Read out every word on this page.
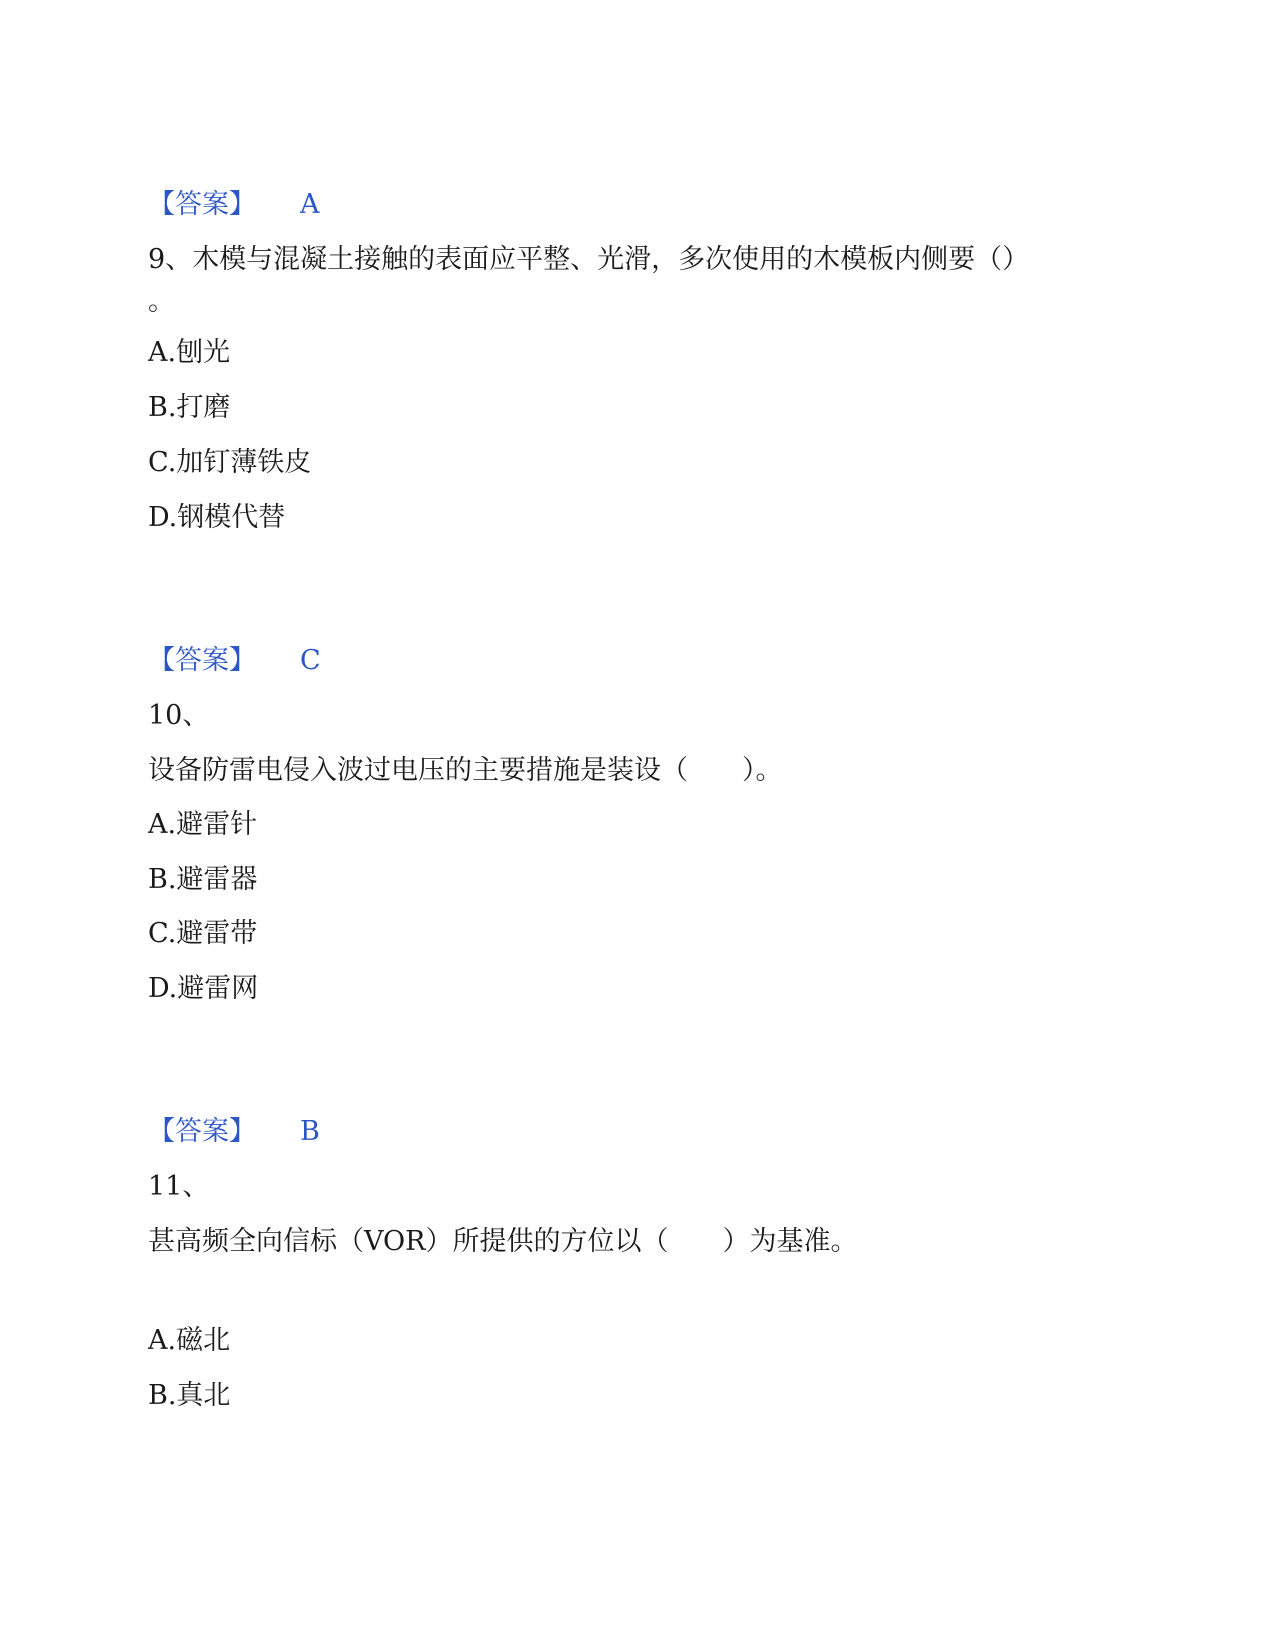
【答案】 A
9、木模与混凝土接触的表面应平整、光滑，多次使用的木模板内侧要（）
。
A.刨光
B.打磨
C.加钉薄铁皮
D.钢模代替
【答案】 C
10、
设备防雷电侵入波过电压的主要措施是装设（　　）。
A.避雷针
B.避雷器
C.避雷带
D.避雷网
【答案】 B
11、
甚高频全向信标（VOR）所提供的方位以（　　）为基准。
A.磁北
B.真北
